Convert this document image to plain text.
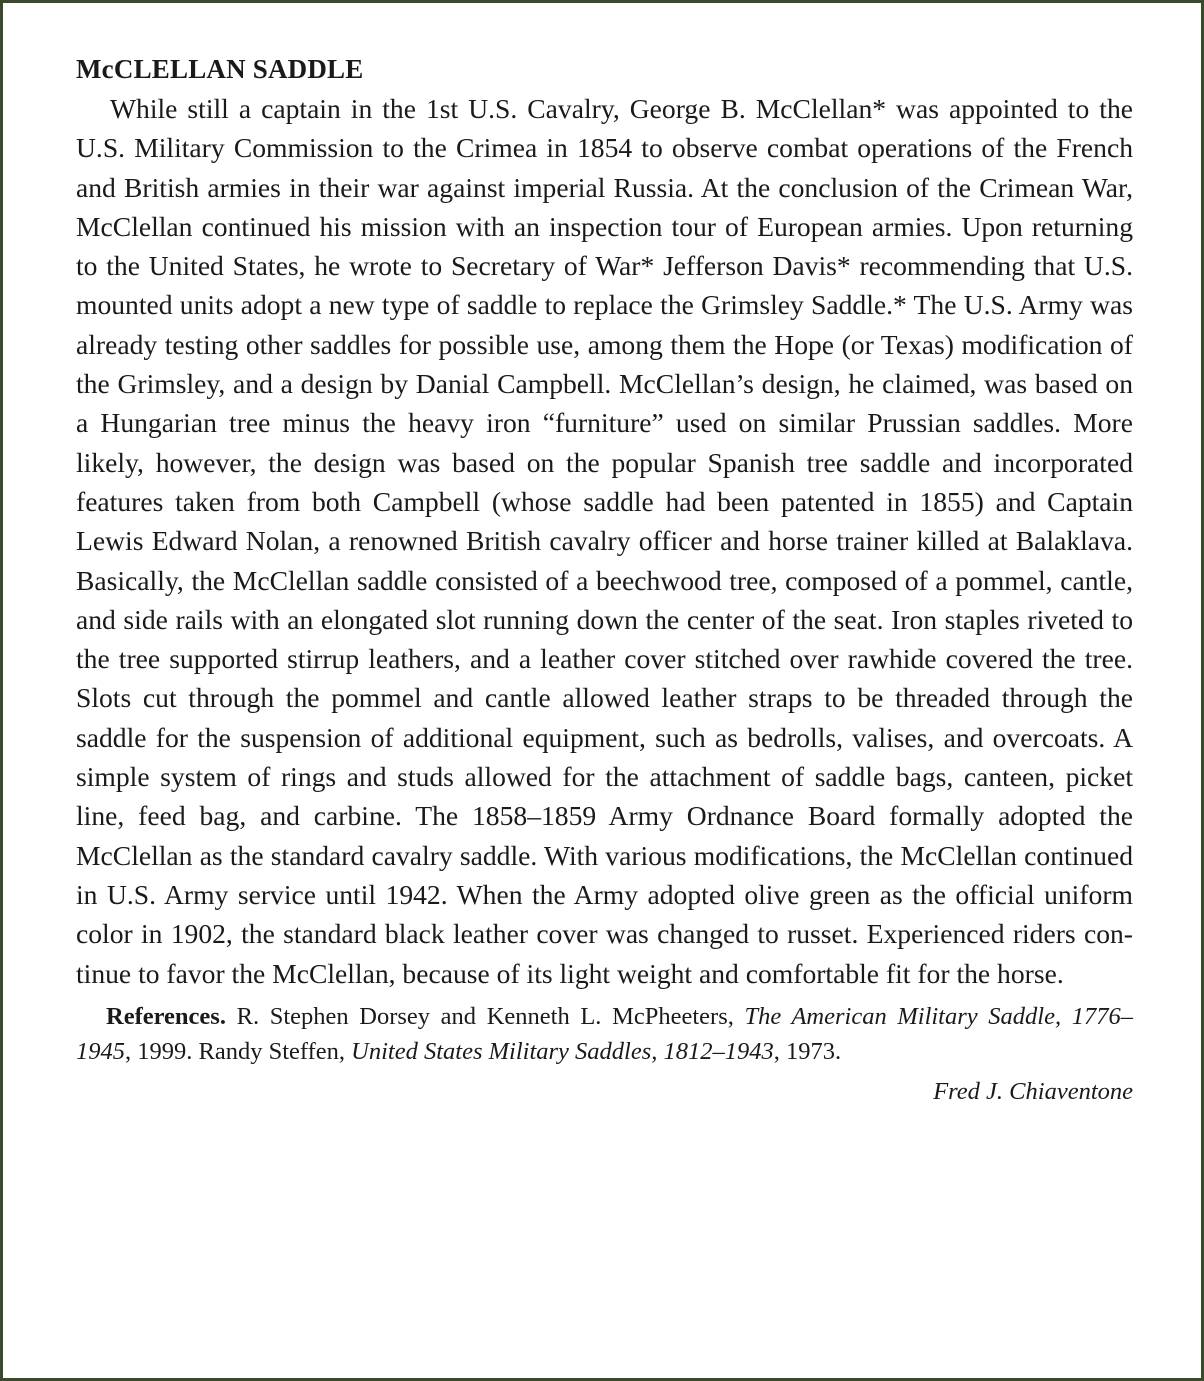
McCLELLAN SADDLE

While still a captain in the 1st U.S. Cavalry, George B. McClellan* was appointed to the U.S. Military Commission to the Crimea in 1854 to observe combat operations of the French and British armies in their war against imperial Russia. At the conclusion of the Crimean War, McClellan continued his mission with an inspection tour of European armies. Upon returning to the United States, he wrote to Secretary of War* Jefferson Davis* recommending that U.S. mounted units adopt a new type of saddle to replace the Grimsley Saddle.* The U.S. Army was already testing other saddles for possible use, among them the Hope (or Texas) modification of the Grimsley, and a design by Danial Campbell. McClellan’s design, he claimed, was based on a Hungarian tree minus the heavy iron “furniture” used on similar Prussian saddles. More likely, however, the design was based on the popular Spanish tree saddle and incorporated features taken from both Campbell (whose saddle had been patented in 1855) and Captain Lewis Edward Nolan, a renowned British cavalry officer and horse trainer killed at Balaklava. Basically, the McClellan saddle consisted of a beechwood tree, composed of a pommel, cantle, and side rails with an elongated slot running down the center of the seat. Iron staples riveted to the tree supported stirrup leathers, and a leather cover stitched over rawhide covered the tree. Slots cut through the pommel and cantle allowed leather straps to be threaded through the saddle for the suspension of additional equipment, such as bedrolls, valises, and overcoats. A simple system of rings and studs allowed for the attachment of saddle bags, canteen, picket line, feed bag, and carbine. The 1858–1859 Army Ordnance Board formally adopted the McClellan as the standard cavalry saddle. With various modifications, the McClellan continued in U.S. Army service until 1942. When the Army adopted olive green as the official uniform color in 1902, the standard black leather cover was changed to russet. Experienced riders continue to favor the McClellan, because of its light weight and comfortable fit for the horse.

References. R. Stephen Dorsey and Kenneth L. McPheeters, The American Military Saddle, 1776–1945, 1999. Randy Steffen, United States Military Saddles, 1812–1943, 1973.

Fred J. Chiaventone
